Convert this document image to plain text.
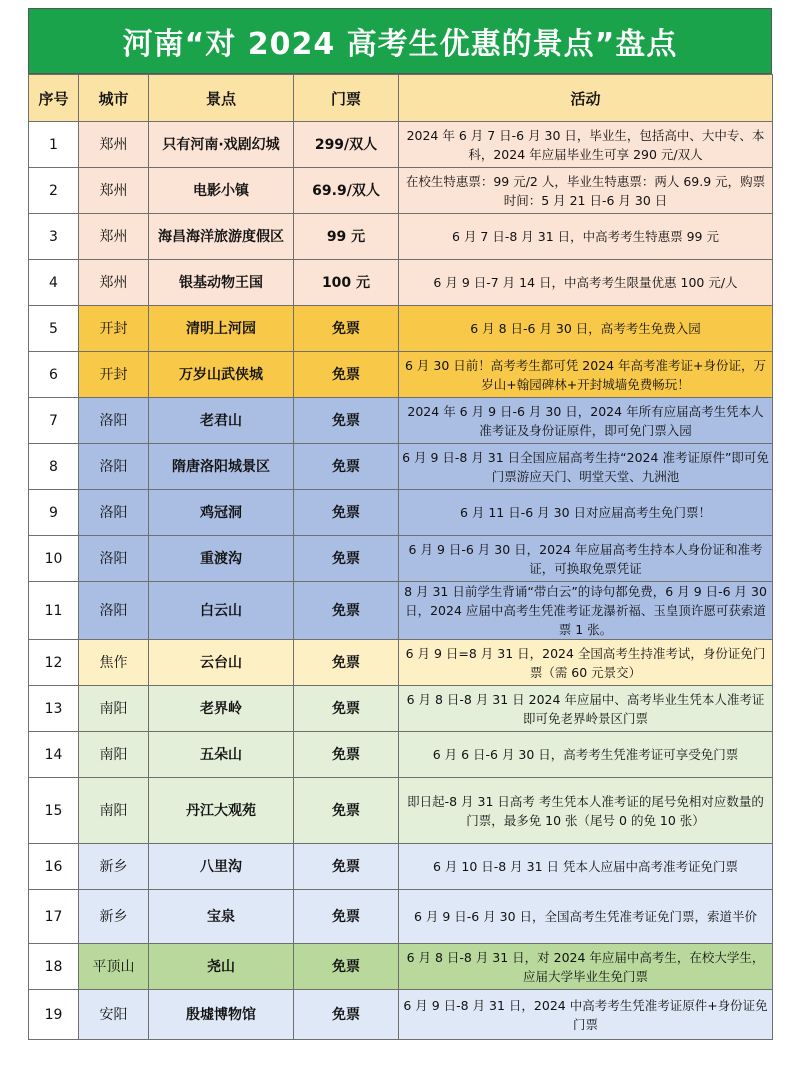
河南“对 2024 高考生优惠的景点”盘点
序号	城市	景点	门票	活动
1	郑州	只有河南·戏剧幻城	299/双人	2024 年 6 月 7 日-6 月 30 日，毕业生，包括高中、大中专、本科，2024 年应届毕业生可享 290 元/双人
2	郑州	电影小镇	69.9/双人	在校生特惠票：99 元/2 人，毕业生特惠票：两人 69.9 元，购票时间：5 月 21 日-6 月 30 日
3	郑州	海昌海洋旅游度假区	99 元	6 月 7 日-8 月 31 日，中高考考生特惠票 99 元
4	郑州	银基动物王国	100 元	6 月 9 日-7 月 14 日，中高考考生限量优惠 100 元/人
5	开封	清明上河园	免票	6 月 8 日-6 月 30 日，高考考生免费入园
6	开封	万岁山武侠城	免票	6 月 30 日前！高考考生都可凭 2024 年高考准考证+身份证，万岁山+翰园碑林+开封城墙免费畅玩！
7	洛阳	老君山	免票	2024 年 6 月 9 日-6 月 30 日，2024 年所有应届高考生凭本人准考证及身份证原件，即可免门票入园
8	洛阳	隋唐洛阳城景区	免票	6 月 9 日-8 月 31 日全国应届高考生持“2024 准考证原件”即可免门票游应天门、明堂天堂、九洲池
9	洛阳	鸡冠洞	免票	6 月 11 日-6 月 30 日对应届高考生免门票！
10	洛阳	重渡沟	免票	6 月 9 日-6 月 30 日，2024 年应届高考生持本人身份证和准考证，可换取免票凭证
11	洛阳	白云山	免票	8 月 31 日前学生背诵“带白云”的诗句都免费，6 月 9 日-6 月 30 日，2024 应届中高考生凭准考证龙瀑祈福、玉皇顶许愿可获索道票 1 张。
12	焦作	云台山	免票	6 月 9 日=8 月 31 日，2024 全国高考生持准考试，身份证免门票（需 60 元景交）
13	南阳	老界岭	免票	6 月 8 日-8 月 31 日 2024 年应届中、高考毕业生凭本人准考证即可免老界岭景区门票
14	南阳	五朵山	免票	6 月 6 日-6 月 30 日，高考考生凭准考证可享受免门票
15	南阳	丹江大观苑	免票	即日起-8 月 31 日高考 考生凭本人准考证的尾号免相对应数量的门票，最多免 10 张（尾号 0 的免 10 张）
16	新乡	八里沟	免票	6 月 10 日-8 月 31 日 凭本人应届中高考准考证免门票
17	新乡	宝泉	免票	6 月 9 日-6 月 30 日，全国高考生凭准考证免门票，索道半价
18	平顶山	尧山	免票	6 月 8 日-8 月 31 日，对 2024 年应届中高考生，在校大学生，应届大学毕业生免门票
19	安阳	殷墟博物馆	免票	6 月 9 日-8 月 31 日，2024 中高考考生凭准考证原件+身份证免门票
